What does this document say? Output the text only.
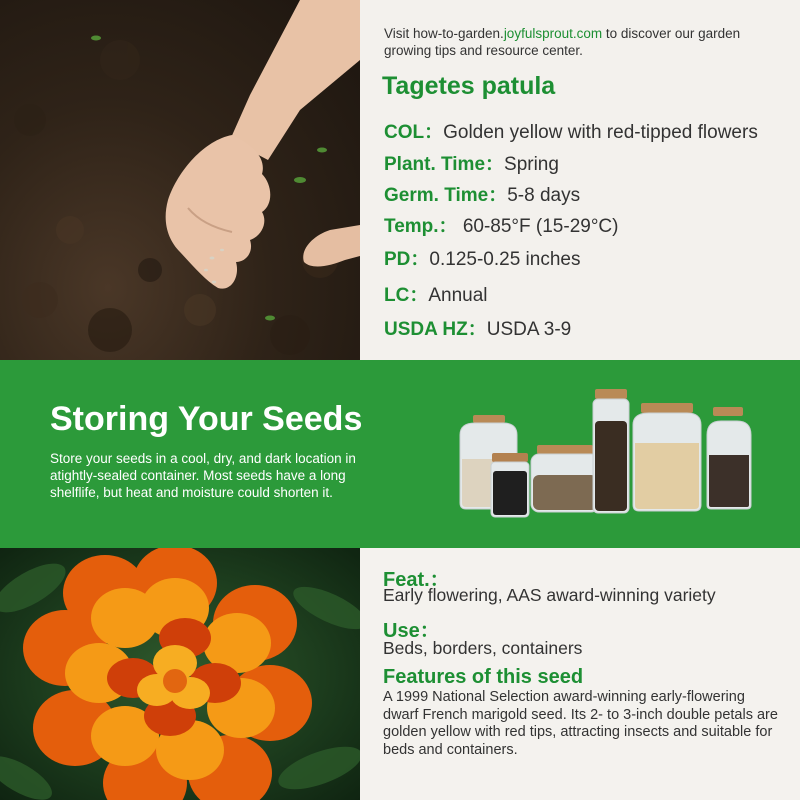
Visit how-to-garden.joyfulsprout.com to discover our garden growing tips and resource center.
Tagetes patula
COL：Golden yellow with red-tipped flowers
Plant. Time：Spring
Germ. Time：5-8 days
Temp.： 60-85°F (15-29°C)
PD：0.125-0.25 inches
LC：Annual
USDA HZ：USDA 3-9
Storing Your Seeds
Store your seeds in a cool, dry, and dark location in atightly-sealed container. Most seeds have a long shelflife, but heat and moisture could shorten it.
Feat.：
Early flowering, AAS award-winning variety
Use：
Beds, borders, containers
Features of this seed
A 1999 National Selection award-winning early-flowering dwarf French marigold seed. Its 2- to 3-inch double petals are golden yellow with red tips, attracting insects and suitable for beds and containers.
